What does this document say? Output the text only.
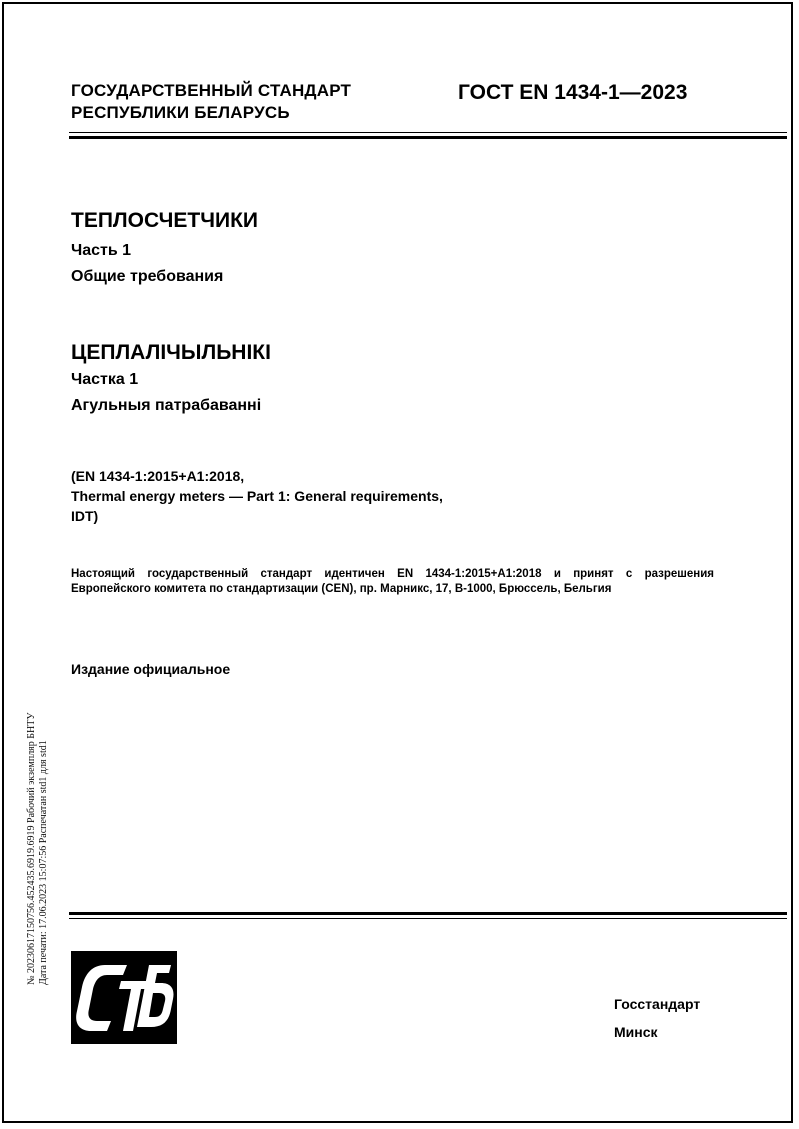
ГОСУДАРСТВЕННЫЙ СТАНДАРТ
РЕСПУБЛИКИ БЕЛАРУСЬ
ГОСТ EN 1434-1—2023
ТЕПЛОСЧЕТЧИКИ
Часть 1
Общие требования
ЦЕПЛАЛІЧЫЛЬНІКІ
Частка 1
Агульныя патрабаванні
(EN 1434-1:2015+A1:2018,
Thermal energy meters — Part 1: General requirements,
IDT)
Настоящий государственный стандарт идентичен EN 1434-1:2015+A1:2018 и принят с разрешения
Европейского комитета по стандартизации (CEN), пр. Марникс, 17, B-1000, Брюссель, Бельгия
Издание официальное
№ 20230617150756.452435.6919.6919 Рабочий экземпляр БНТУ Дата печати: 17.06.2023 15:07:56 Распечатан std1 для std1
Госстандарт
Минск
